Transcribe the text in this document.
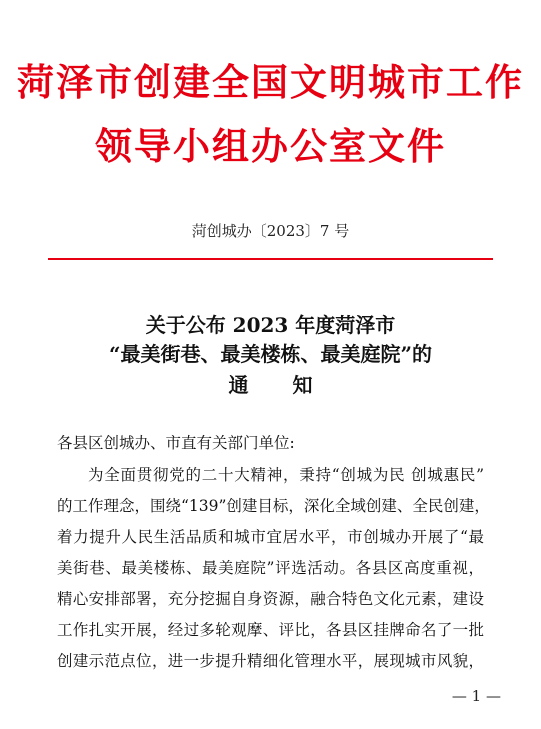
菏泽市创建全国文明城市工作
领导小组办公室文件
菏创城办〔2023〕7 号
关于公布 2023 年度菏泽市
“最美街巷、最美楼栋、最美庭院”的
通知
各县区创城办、市直有关部门单位:
为全面贯彻党的二十大精神，秉持“创城为民 创城惠民”
的工作理念，围绕“139”创建目标，深化全域创建、全民创建，
着力提升人民生活品质和城市宜居水平，市创城办开展了“最
美街巷、最美楼栋、最美庭院”评选活动。各县区高度重视，
精心安排部署，充分挖掘自身资源，融合特色文化元素，建设
工作扎实开展，经过多轮观摩、评比，各县区挂牌命名了一批
创建示范点位，进一步提升精细化管理水平，展现城市风貌，
— 1 —
